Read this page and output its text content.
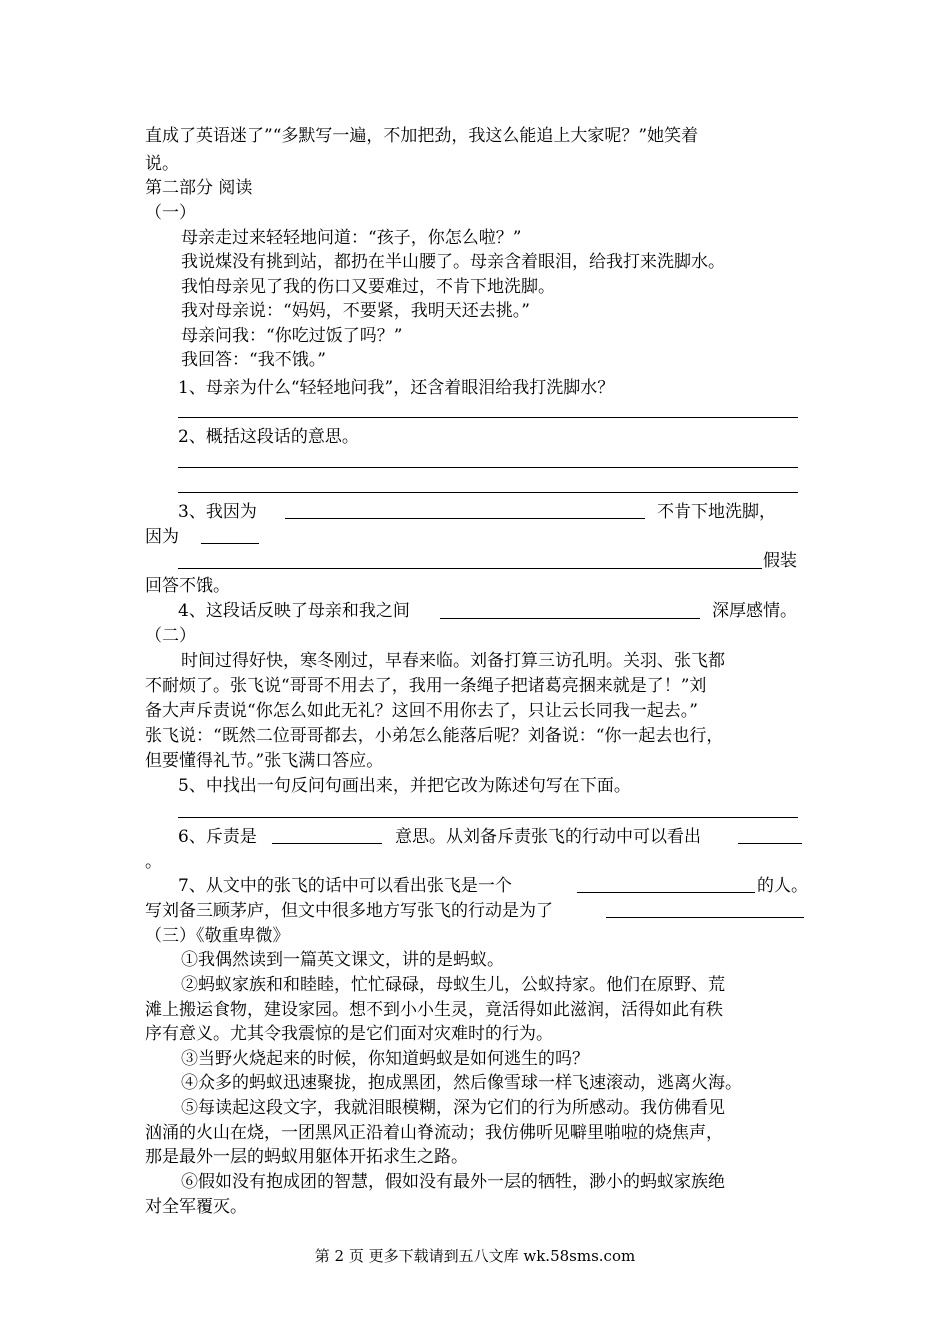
直成了英语迷了”“多默写一遍，不加把劲，我这么能追上大家呢？”她笑着
说。
第二部分 阅读
（一）
母亲走过来轻轻地问道：“孩子，你怎么啦？”
我说煤没有挑到站，都扔在半山腰了。母亲含着眼泪，给我打来洗脚水。
我怕母亲见了我的伤口又要难过，不肯下地洗脚。
我对母亲说：“妈妈，不要紧，我明天还去挑。”
母亲问我：“你吃过饭了吗？”
我回答：“我不饿。”
1、母亲为什么“轻轻地问我”，还含着眼泪给我打洗脚水？
2、概括这段话的意思。
3、我因为	不肯下地洗脚，
因为
假装
回答不饿。
4、这段话反映了母亲和我之间	深厚感情。
（二）
时间过得好快，寒冬刚过，早春来临。刘备打算三访孔明。关羽、张飞都
不耐烦了。张飞说“哥哥不用去了，我用一条绳子把诸葛亮捆来就是了！”刘
备大声斥责说“你怎么如此无礼？这回不用你去了，只让云长同我一起去。”
张飞说：“既然二位哥哥都去，小弟怎么能落后呢？刘备说：“你一起去也行，
但要懂得礼节。”张飞满口答应。
5、中找出一句反问句画出来，并把它改为陈述句写在下面。
6、斥责是	意思。从刘备斥责张飞的行动中可以看出
。
7、从文中的张飞的话中可以看出张飞是一个	的人。
写刘备三顾茅庐，但文中很多地方写张飞的行动是为了
（三）《敬重卑微》
①我偶然读到一篇英文课文，讲的是蚂蚁。
②蚂蚁家族和和睦睦，忙忙碌碌，母蚁生儿，公蚁持家。他们在原野、荒
滩上搬运食物，建设家园。想不到小小生灵，竟活得如此滋润，活得如此有秩
序有意义。尤其令我震惊的是它们面对灾难时的行为。
③当野火烧起来的时候，你知道蚂蚁是如何逃生的吗？
④众多的蚂蚁迅速聚拢，抱成黑团，然后像雪球一样飞速滚动，逃离火海。
⑤每读起这段文字，我就泪眼模糊，深为它们的行为所感动。我仿佛看见
汹涌的火山在烧，一团黑风正沿着山脊流动；我仿佛听见噼里啪啦的烧焦声，
那是最外一层的蚂蚁用躯体开拓求生之路。
⑥假如没有抱成团的智慧，假如没有最外一层的牺牲，渺小的蚂蚁家族绝
对全军覆灭。
第 2 页 更多下载请到五八文库 wk.58sms.com
